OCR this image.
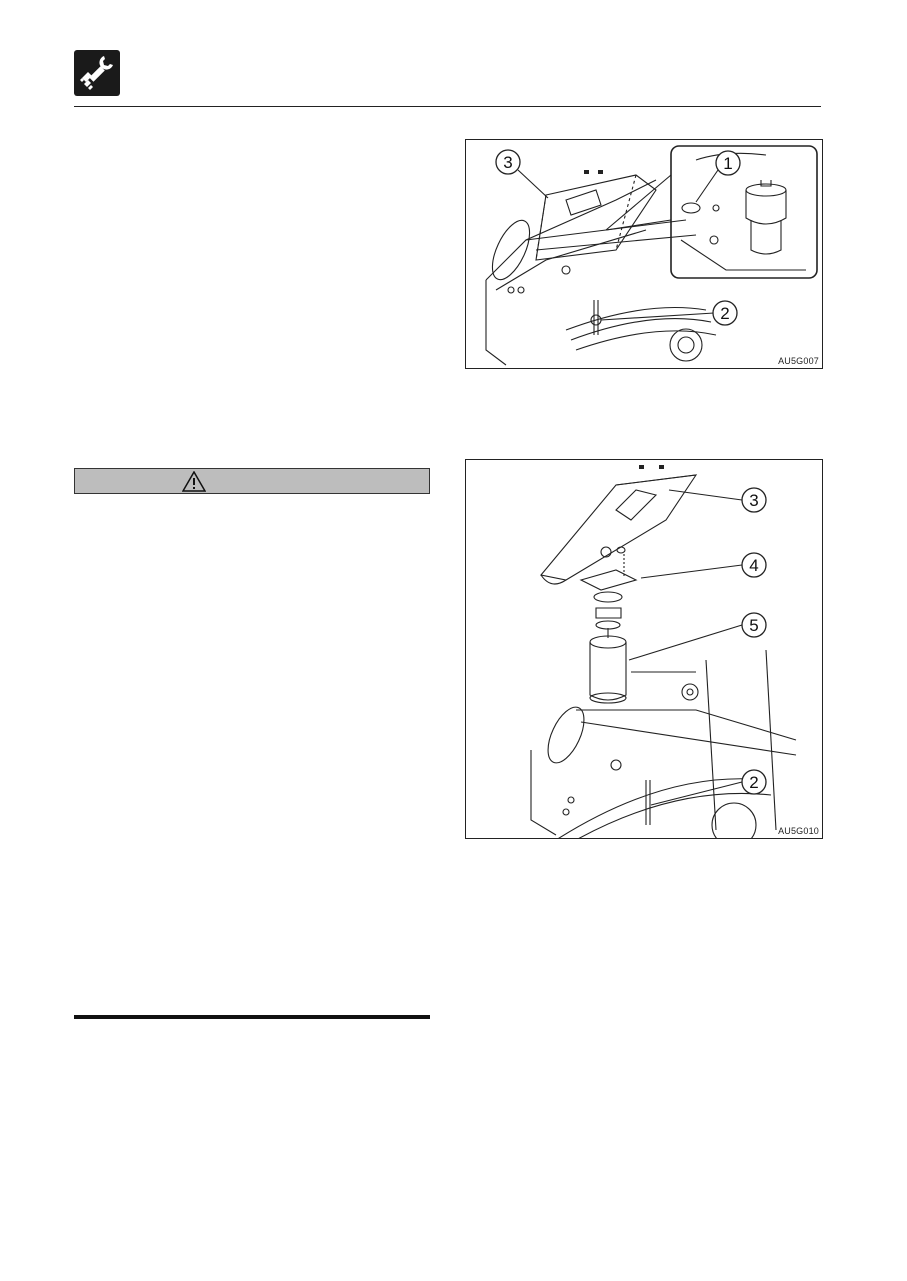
1
3
2
AU5G007
3
4
5
2
AU5G010
